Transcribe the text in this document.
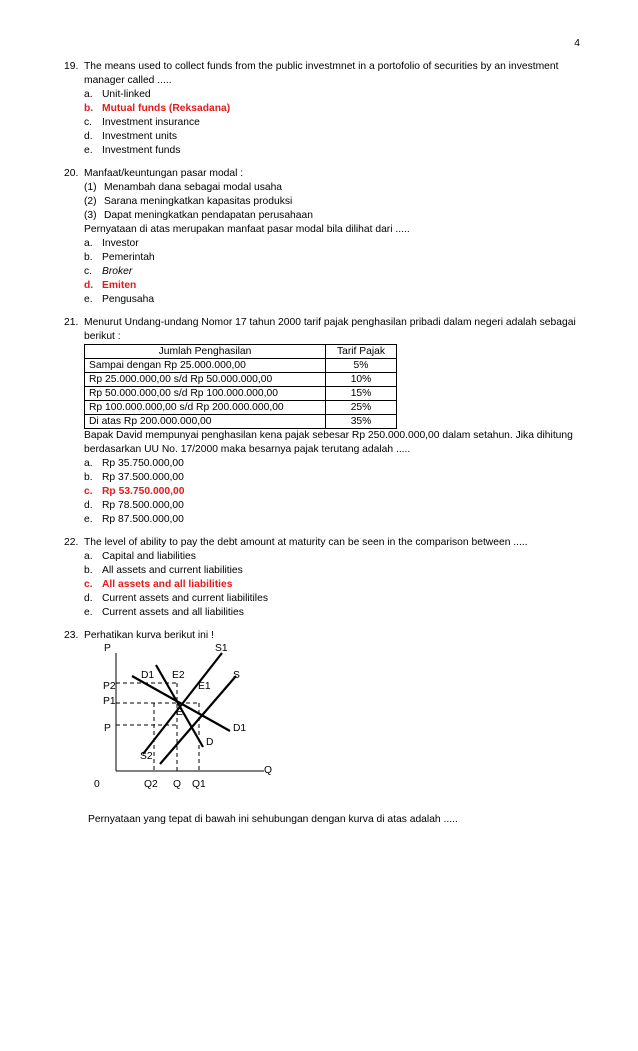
4
19. The means used to collect funds from the public investmnet in a portofolio of securities by an investment manager called .....
a. Unit-linked
b. Mutual funds (Reksadana)
c. Investment insurance
d. Investment units
e. Investment funds
20. Manfaat/keuntungan pasar modal :
(1) Menambah dana sebagai modal usaha
(2) Sarana meningkatkan kapasitas produksi
(3) Dapat meningkatkan pendapatan perusahaan
Pernyataan di atas merupakan manfaat pasar modal bila dilihat dari .....
a. Investor
b. Pemerintah
c. Broker
d. Emiten
e. Pengusaha
21. Menurut Undang-undang Nomor 17 tahun 2000 tarif pajak penghasilan pribadi dalam negeri adalah sebagai berikut :
Jumlah Penghasilan	Tarif Pajak
Sampai dengan Rp 25.000.000,00	5%
Rp 25.000.000,00 s/d Rp 50.000.000,00	10%
Rp 50.000.000,00 s/d Rp 100.000.000,00	15%
Rp 100.000.000,00 s/d Rp 200.000.000,00	25%
Di atas Rp 200.000.000,00	35%
Bapak David mempunyai penghasilan kena pajak sebesar Rp 250.000.000,00 dalam setahun. Jika dihitung berdasarkan UU No. 17/2000 maka besarnya pajak terutang adalah .....
a. Rp 35.750.000,00
b. Rp 37.500.000,00
c. Rp 53.750.000,00
d. Rp 78.500.000,00
e. Rp 87.500.000,00
22. The level of ability to pay the debt amount at maturity can be seen in the comparison between .....
a. Capital and liabilities
b. All assets and current liabilities
c. All assets and all liabilities
d. Current assets and current liabilitiles
e. Current assets and all liabilities
23. Perhatikan kurva berikut ini !
P	S1
D1 E2	S
P2	E1
P1
E
P	D1
D
S2
Q
0	Q2 Q Q1
Pernyataan yang tepat di bawah ini sehubungan dengan kurva di atas adalah .....
